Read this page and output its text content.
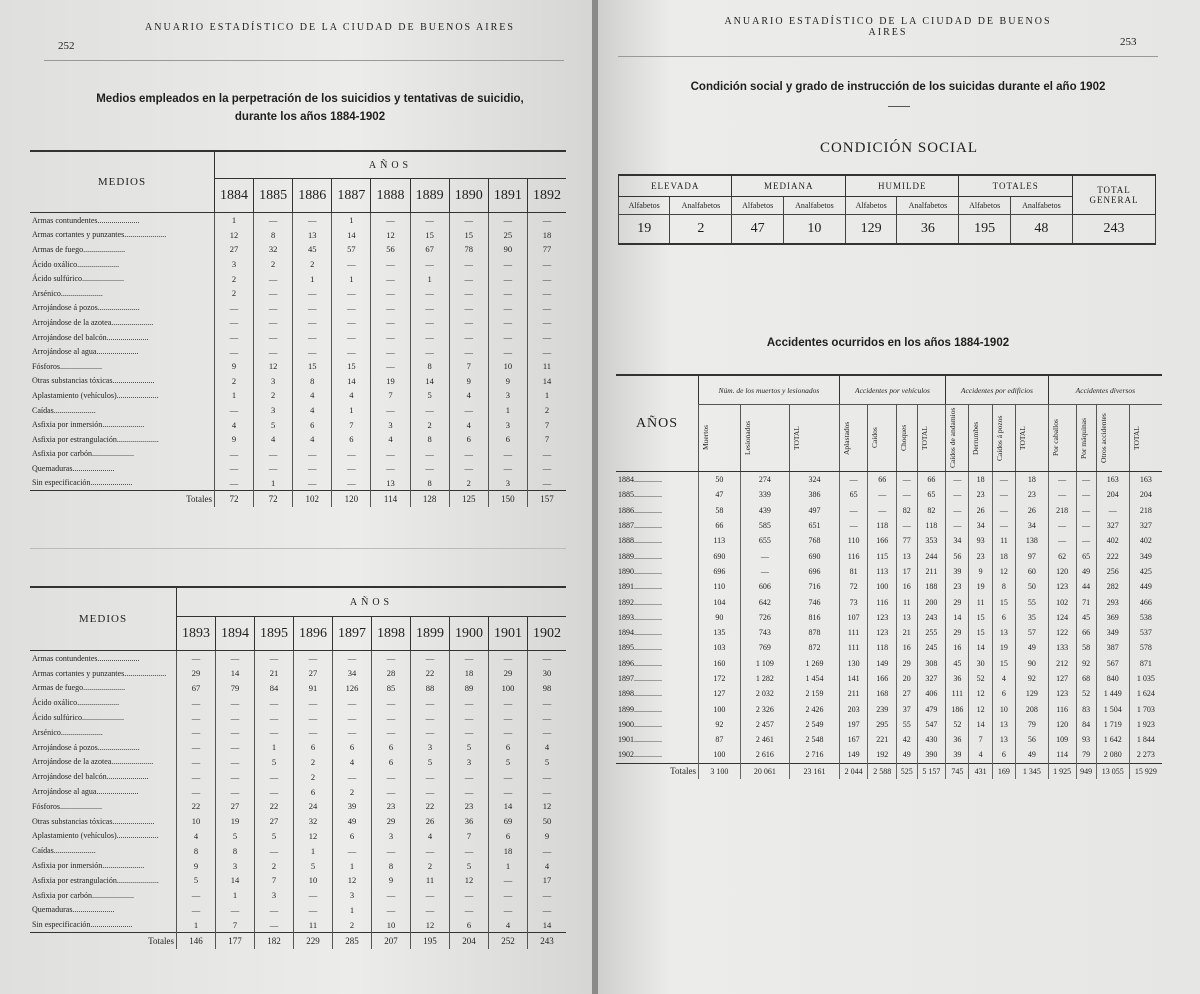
252
ANUARIO ESTADÍSTICO DE LA CIUDAD DE BUENOS AIRES
Medios empleados en la perpetración de los suicidios y tentativas de suicidio, durante los años 1884-1902
MEDIOS	AÑOS								
	1884	1885	1886	1887	1888	1889	1890	1891	1892
Armas contundentes.....................	1	—	—	1	—	—	—	—	—
Armas cortantes y punzantes.....................	12	8	13	14	12	15	15	25	18
Armas de fuego.....................	27	32	45	57	56	67	78	90	77
Ácido oxálico.....................	3	2	2	—	—	—	—	—	—
Ácido sulfúrico.....................	2	—	1	1	—	1	—	—	—
Arsénico.....................	2	—	—	—	—	—	—	—	—
Arrojándose á pozos.....................	—	—	—	—	—	—	—	—	—
Arrojándose de la azotea.....................	—	—	—	—	—	—	—	—	—
Arrojándose del balcón.....................	—	—	—	—	—	—	—	—	—
Arrojándose al agua.....................	—	—	—	—	—	—	—	—	—
Fósforos.....................	9	12	15	15	—	8	7	10	11
Otras substancias tóxicas.....................	2	3	8	14	19	14	9	9	14
Aplastamiento (vehículos).....................	1	2	4	4	7	5	4	3	1
Caídas.....................	—	3	4	1	—	—	—	1	2
Asfixia por inmersión.....................	4	5	6	7	3	2	4	3	7
Asfixia por estrangulación.....................	9	4	4	6	4	8	6	6	7
Asfixia por carbón.....................	—	—	—	—	—	—	—	—	—
Quemaduras.....................	—	—	—	—	—	—	—	—	—
Sin especificación.....................	—	1	—	—	13	8	2	3	—
Totales	72	72	102	120	114	128	125	150	157
MEDIOS	AÑOS									
	1893	1894	1895	1896	1897	1898	1899	1900	1901	1902
Armas contundentes.....................	—	—	—	—	—	—	—	—	—	—
Armas cortantes y punzantes.....................	29	14	21	27	34	28	22	18	29	30
Armas de fuego.....................	67	79	84	91	126	85	88	89	100	98
Ácido oxálico.....................	—	—	—	—	—	—	—	—	—	—
Ácido sulfúrico.....................	—	—	—	—	—	—	—	—	—	—
Arsénico.....................	—	—	—	—	—	—	—	—	—	—
Arrojándose á pozos.....................	—	—	1	6	6	6	3	5	6	4
Arrojándose de la azotea.....................	—	—	5	2	4	6	5	3	5	5
Arrojándose del balcón.....................	—	—	—	2	—	—	—	—	—	—
Arrojándose al agua.....................	—	—	—	6	2	—	—	—	—	—
Fósforos.....................	22	27	22	24	39	23	22	23	14	12
Otras substancias tóxicas.....................	10	19	27	32	49	29	26	36	69	50
Aplastamiento (vehículos).....................	4	5	5	12	6	3	4	7	6	9
Caídas.....................	8	8	—	1	—	—	—	—	18	—
Asfixia por inmersión.....................	9	3	2	5	1	8	2	5	1	4
Asfixia por estrangulación.....................	5	14	7	10	12	9	11	12	—	17
Asfixia por carbón.....................	—	1	3	—	3	—	—	—	—	—
Quemaduras.....................	—	—	—	—	1	—	—	—	—	—
Sin especificación.....................	1	7	—	11	2	10	12	6	4	14
Totales	146	177	182	229	285	207	195	204	252	243
ANUARIO ESTADÍSTICO DE LA CIUDAD DE BUENOS AIRES
253
Condición social y grado de instrucción de los suicidas durante el año 1902
CONDICIÓN SOCIAL
ELEVADA		MEDIANA		HUMILDE		TOTALES		TOTAL GENERAL
Alfabetos	Analfabetos	Alfabetos	Analfabetos	Alfabetos	Analfabetos	Alfabetos	Analfabetos	
19	2	47	10	129	36	195	48	243
Accidentes ocurridos en los años 1884-1902
AÑOS	Núm. de los muertos y lesionados			Accidentes por vehículos				Accidentes por edificios				Accidentes diversos			

	Muertos	Lesionados	TOTAL	Aplastados	Caídos	Choques	TOTAL	Caídos de andamios	Derrumbes	Caídos á pozos	TOTAL	Por caballos	Por máquinas	Otros accidentes	TOTAL

1884..............	50	274	324	—	66	—	66	—	18	—	18	—	—	163	163
1885..............	47	339	386	65	—	—	65	—	23	—	23	—	—	204	204
1886..............	58	439	497	—	—	82	82	—	26	—	26	218	—	—	218
1887..............	66	585	651	—	118	—	118	—	34	—	34	—	—	327	327
1888..............	113	655	768	110	166	77	353	34	93	11	138	—	—	402	402
1889..............	690	—	690	116	115	13	244	56	23	18	97	62	65	222	349
1890..............	696	—	696	81	113	17	211	39	9	12	60	120	49	256	425
1891..............	110	606	716	72	100	16	188	23	19	8	50	123	44	282	449
1892..............	104	642	746	73	116	11	200	29	11	15	55	102	71	293	466
1893..............	90	726	816	107	123	13	243	14	15	6	35	124	45	369	538
1894..............	135	743	878	111	123	21	255	29	15	13	57	122	66	349	537
1895..............	103	769	872	111	118	16	245	16	14	19	49	133	58	387	578
1896..............	160	1 109	1 269	130	149	29	308	45	30	15	90	212	92	567	871
1897..............	172	1 282	1 454	141	166	20	327	36	52	4	92	127	68	840	1 035
1898..............	127	2 032	2 159	211	168	27	406	111	12	6	129	123	52	1 449	1 624
1899..............	100	2 326	2 426	203	239	37	479	186	12	10	208	116	83	1 504	1 703
1900..............	92	2 457	2 549	197	295	55	547	52	14	13	79	120	84	1 719	1 923
1901..............	87	2 461	2 548	167	221	42	430	36	7	13	56	109	93	1 642	1 844
1902..............	100	2 616	2 716	149	192	49	390	39	4	6	49	114	79	2 080	2 273
Totales	3 100	20 061	23 161	2 044	2 588	525	5 157	745	431	169	1 345	1 925	949	13 055	15 929
